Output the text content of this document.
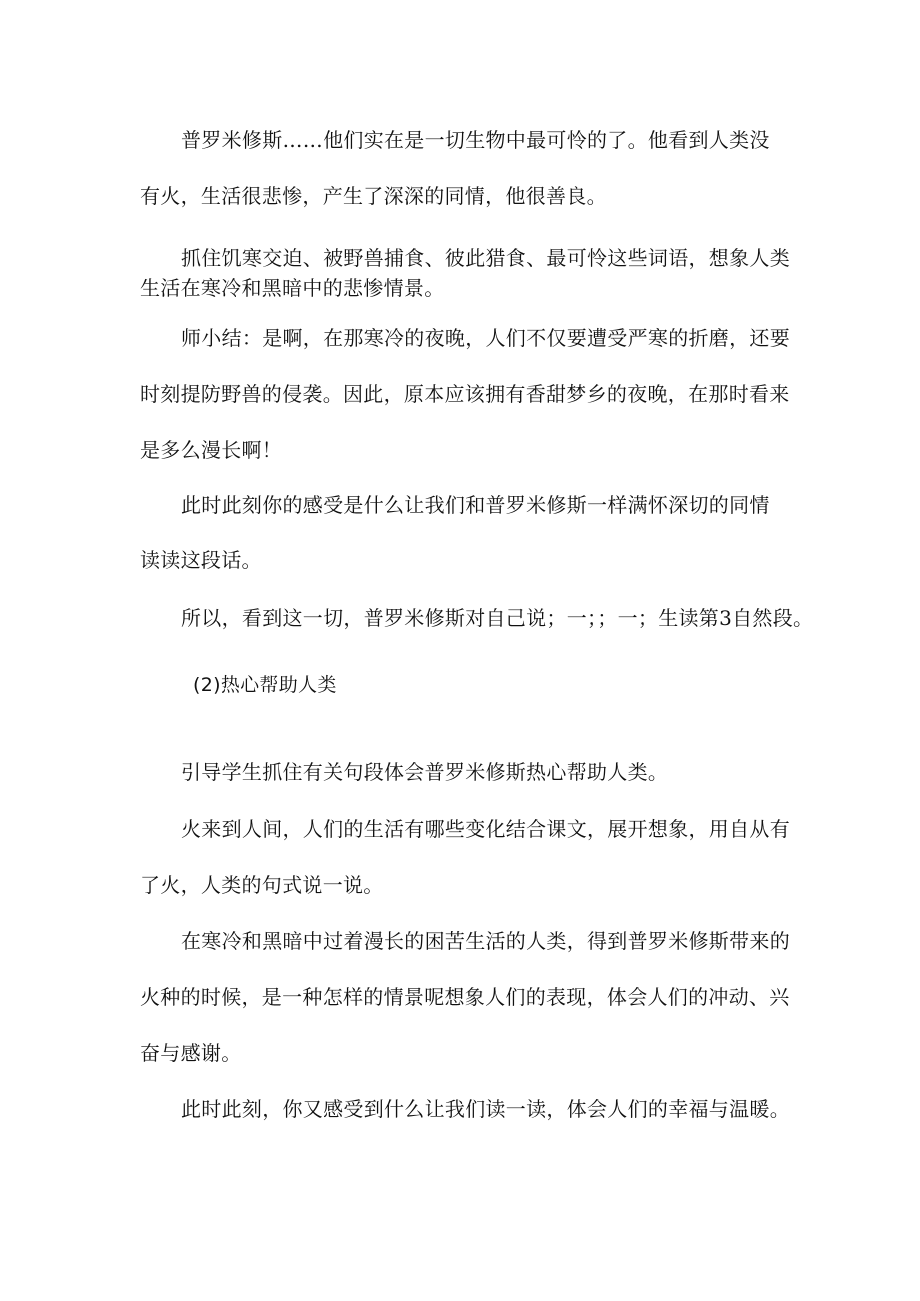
普罗米修斯……他们实在是一切生物中最可怜的了。他看到人类没

有火，生活很悲惨，产生了深深的同情，他很善良。

抓住饥寒交迫、被野兽捕食、彼此猎食、最可怜这些词语，想象人类

生活在寒冷和黑暗中的悲惨情景。

师小结：是啊，在那寒冷的夜晚，人们不仅要遭受严寒的折磨，还要

时刻提防野兽的侵袭。因此，原本应该拥有香甜梦乡的夜晚，在那时看来

是多么漫长啊！

此时此刻你的感受是什么让我们和普罗米修斯一样满怀深切的同情

读读这段话。

所以，看到这一切，普罗米修斯对自己说；一；；一；生读第3自然段。

(2)热心帮助人类

引导学生抓住有关句段体会普罗米修斯热心帮助人类。

火来到人间，人们的生活有哪些变化结合课文，展开想象，用自从有

了火，人类的句式说一说。

在寒冷和黑暗中过着漫长的困苦生活的人类，得到普罗米修斯带来的

火种的时候，是一种怎样的情景呢想象人们的表现，体会人们的冲动、兴

奋与感谢。

此时此刻，你又感受到什么让我们读一读，体会人们的幸福与温暖。
